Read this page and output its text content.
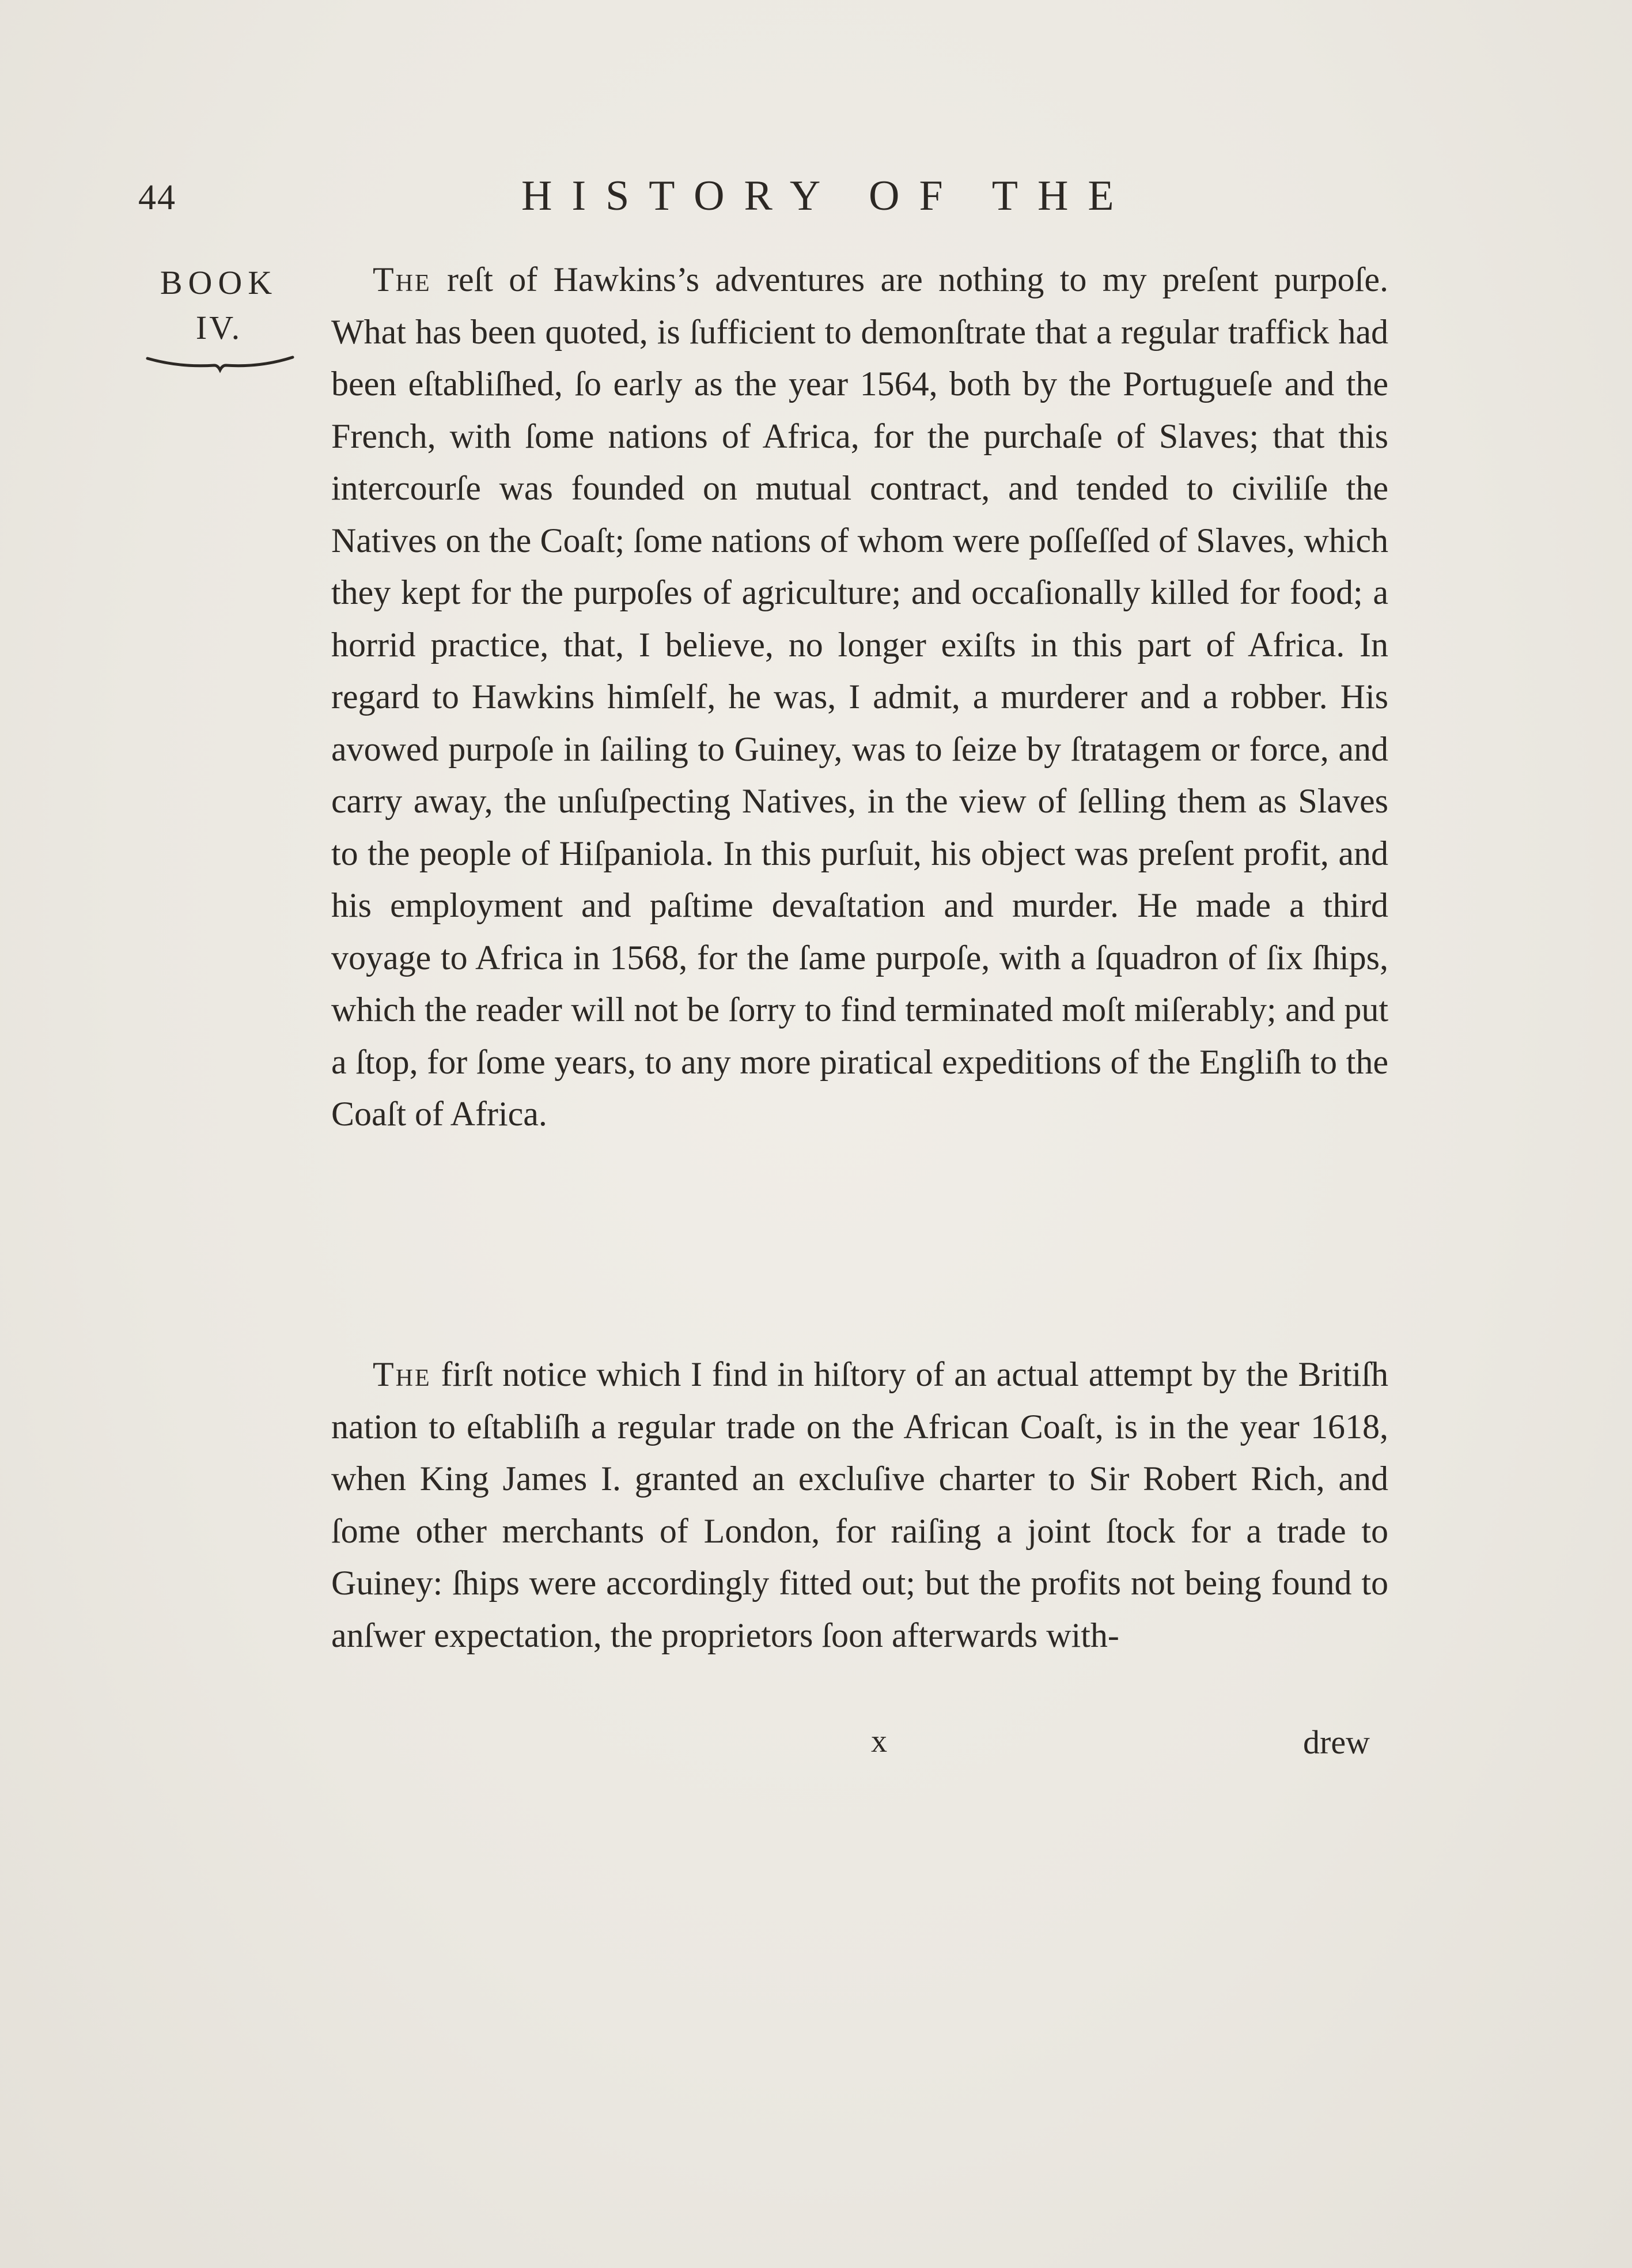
44	HISTORY OF THE
BOOK
IV.

The reſt of Hawkins’s adventures are nothing to my preſent purpoſe. What has been quoted, is ſufficient to demonſtrate that a regular traffick had been eſtabliſhed, ſo early as the year 1564, both by the Portugueſe and the French, with ſome nations of Africa, for the purchaſe of Slaves; that this intercourſe was founded on mutual contract, and tended to civiliſe the Natives on the Coaſt; ſome nations of whom were poſſeſſed of Slaves, which they kept for the purpoſes of agriculture; and occaſionally killed for food; a horrid practice, that, I believe, no longer exiſts in this part of Africa. In regard to Hawkins himſelf, he was, I admit, a murderer and a robber. His avowed purpoſe in ſailing to Guiney, was to ſeize by ſtratagem or force, and carry away, the unſuſpecting Natives, in the view of ſelling them as Slaves to the people of Hiſpaniola. In this purſuit, his object was preſent profit, and his employment and paſtime devaſtation and murder. He made a third voyage to Africa in 1568, for the ſame purpoſe, with a ſquadron of ſix ſhips, which the reader will not be ſorry to find terminated moſt miſerably; and put a ſtop, for ſome years, to any more piratical expeditions of the Engliſh to the Coaſt of Africa.

The firſt notice which I find in hiſtory of an actual attempt by the Britiſh nation to eſtabliſh a regular trade on the African Coaſt, is in the year 1618, when King James I. granted an excluſive charter to Sir Robert Rich, and ſome other merchants of London, for raiſing a joint ſtock for a trade to Guiney: ſhips were accordingly fitted out; but the profits not being found to anſwer expectation, the proprietors ſoon afterwards with-

x	drew
